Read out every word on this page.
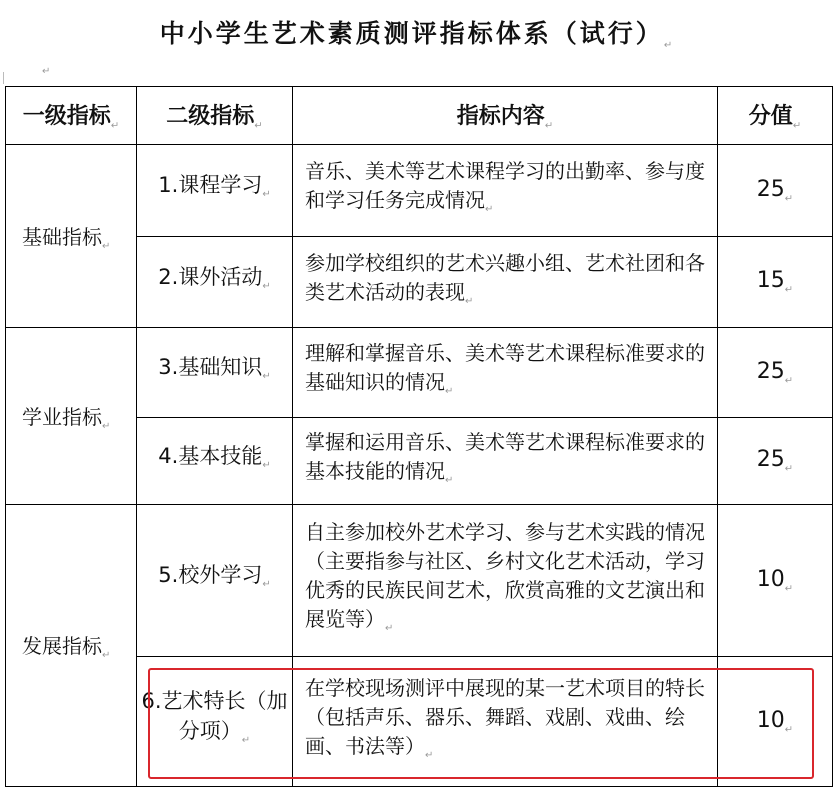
中小学生艺术素质测评指标体系（试行）$_↵$
↵
一级指标$_↵$	二级指标$_↵$	指标内容$_↵$	分值$_↵$
基础指标$_↵$	1.课程学习$_↵$	音乐、美术等艺术课程学习的出勤率、参与度和学习任务完成情况$_↵$	$25_↵$
	2.课外活动$_↵$	参加学校组织的艺术兴趣小组、艺术社团和各类艺术活动的表现$_↵$	$15_↵$
学业指标$_↵$	3.基础知识$_↵$	理解和掌握音乐、美术等艺术课程标准要求的基础知识的情况$_↵$	$25_↵$
	4.基本技能$_↵$	掌握和运用音乐、美术等艺术课程标准要求的基本技能的情况$_↵$	$25_↵$
发展指标$_↵$	5.校外学习$_↵$	自主参加校外艺术学习、参与艺术实践的情况（主要指参与社区、乡村文化艺术活动，学习优秀的民族民间艺术，欣赏高雅的文艺演出和展览等）$_↵$	$10_↵$
	6.艺术特长（加分项）$_↵$	在学校现场测评中展现的某一艺术项目的特长（包括声乐、器乐、舞蹈、戏剧、戏曲、绘画、书法等）$_↵$	$10_↵$
